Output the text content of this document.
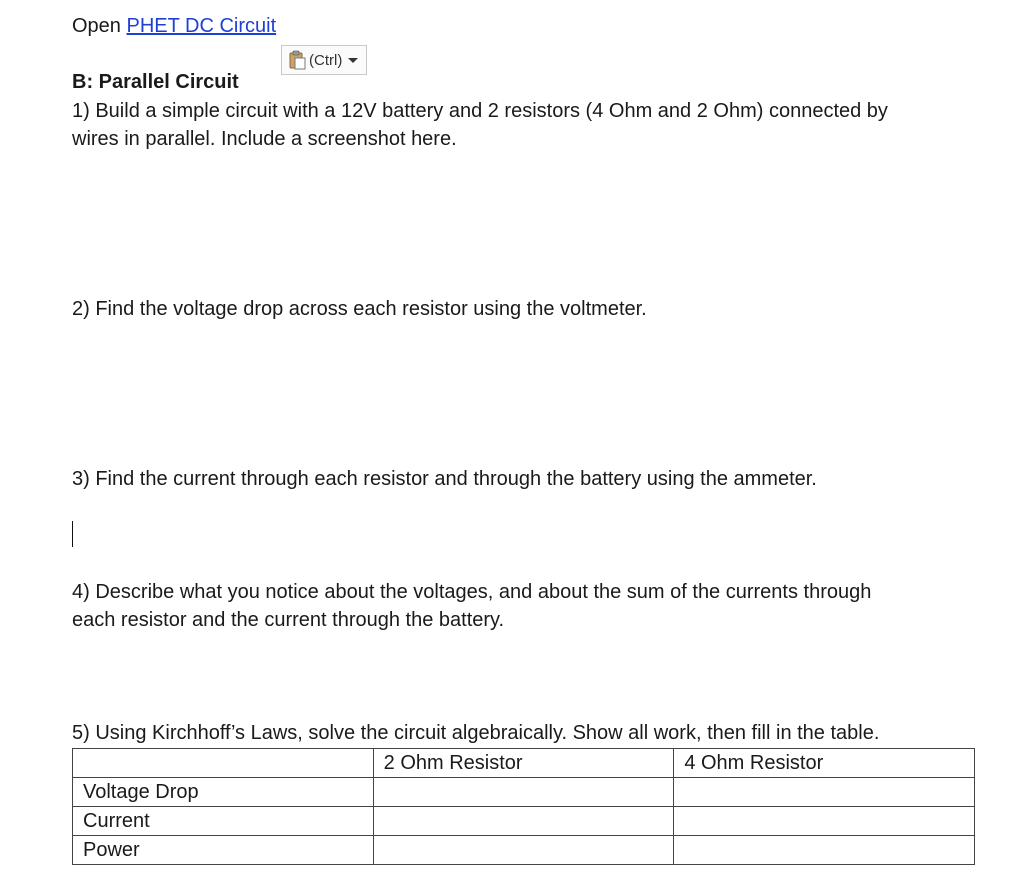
Open PHET DC Circuit
(Ctrl)
B: Parallel Circuit
1) Build a simple circuit with a 12V battery and 2 resistors (4 Ohm and 2 Ohm) connected by
wires in parallel. Include a screenshot here.
2) Find the voltage drop across each resistor using the voltmeter.
3) Find the current through each resistor and through the battery using the ammeter.
4) Describe what you notice about the voltages, and about the sum of the currents through
each resistor and the current through the battery.
5) Using Kirchhoff’s Laws, solve the circuit algebraically. Show all work, then fill in the table.
	2 Ohm Resistor	4 Ohm Resistor
Voltage Drop		
Current		
Power		
